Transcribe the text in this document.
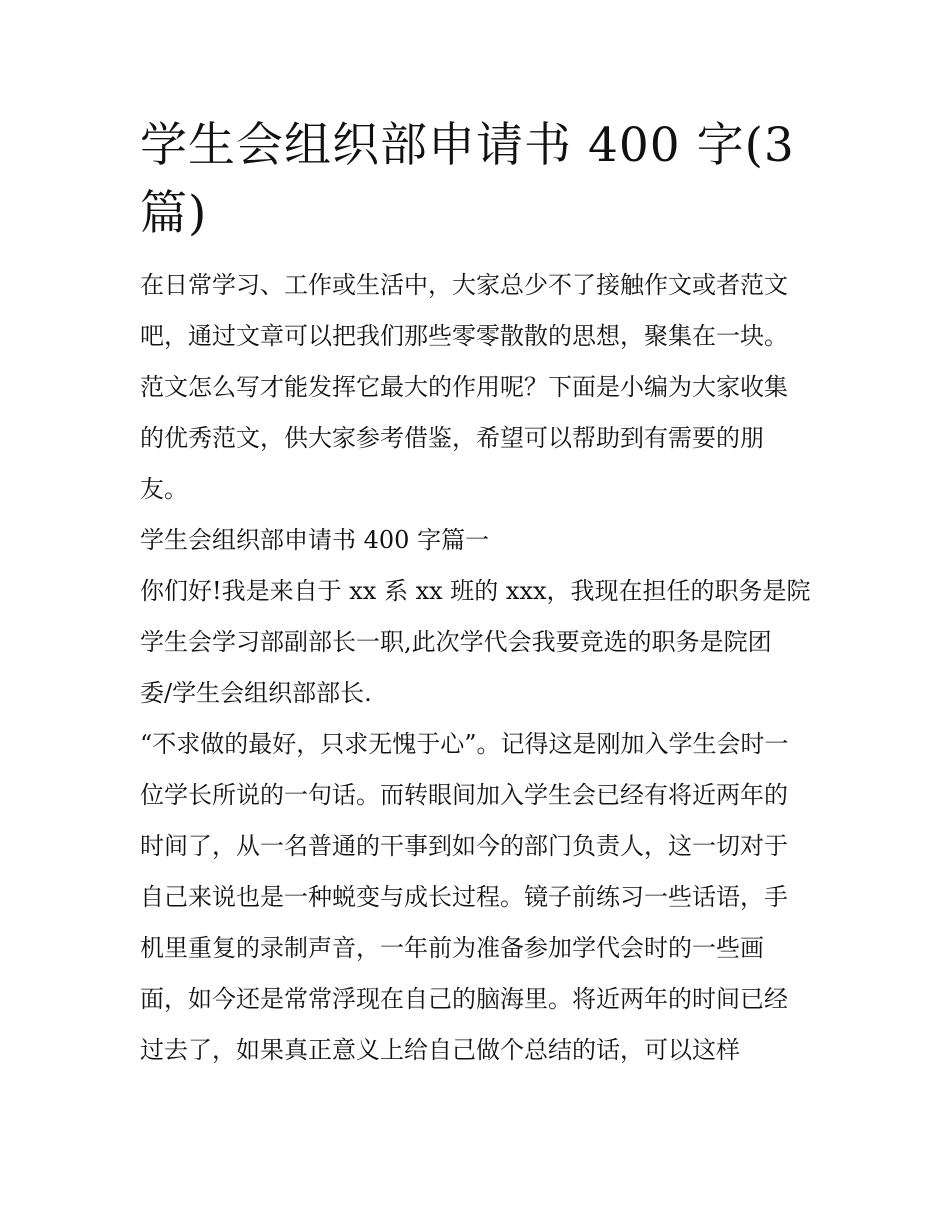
学生会组织部申请书 400 字(3
篇)

在日常学习、工作或生活中，大家总少不了接触作文或者范文
吧，通过文章可以把我们那些零零散散的思想，聚集在一块。
范文怎么写才能发挥它最大的作用呢？下面是小编为大家收集
的优秀范文，供大家参考借鉴，希望可以帮助到有需要的朋
友。

学生会组织部申请书 400 字篇一

你们好!我是来自于 xx 系 xx 班的 xxx，我现在担任的职务是院
学生会学习部副部长一职,此次学代会我要竞选的职务是院团
委/学生会组织部部长.

“不求做的最好，只求无愧于心”。记得这是刚加入学生会时一
位学长所说的一句话。而转眼间加入学生会已经有将近两年的
时间了，从一名普通的干事到如今的部门负责人，这一切对于
自己来说也是一种蜕变与成长过程。镜子前练习一些话语，手
机里重复的录制声音，一年前为准备参加学代会时的一些画
面，如今还是常常浮现在自己的脑海里。将近两年的时间已经
过去了，如果真正意义上给自己做个总结的话，可以这样
